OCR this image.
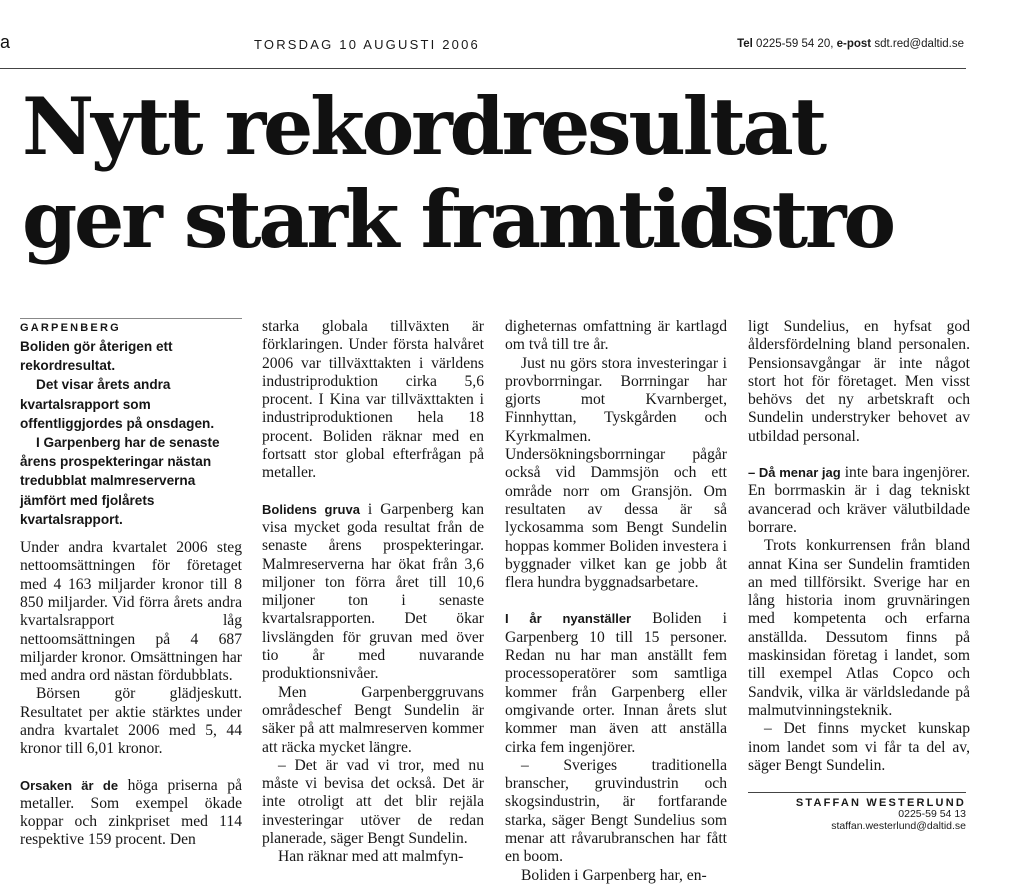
a	TORSDAG 10 AUGUSTI 2006	Tel 0225-59 54 20, e-post sdt.red@daltid.se
Nytt rekordresultat
ger stark framtidstro
GARPENBERG

Boliden gör återigen ett rekordresultat.

Det visar årets andra kvartalsrapport som offentliggjordes på onsdagen.

I Garpenberg har de senaste årens prospekteringar nästan tredubblat malmreserverna jämfört med fjolårets kvartalsrapport.

Under andra kvartalet 2006 steg nettoomsättningen för företaget med 4 163 miljarder kronor till 8 850 miljarder. Vid förra årets andra kvartalsrapport låg nettoomsättningen på 4 687 miljarder kronor. Omsättningen har med andra ord nästan fördubblats.

Börsen gör glädjeskutt. Resultatet per aktie stärktes under andra kvartalet 2006 med 5, 44 kronor till 6,01 kronor.

Orsaken är de höga priserna på metaller. Som exempel ökade koppar och zinkpriset med 114 respektive 159 procent. Den

starka globala tillväxten är förklaringen. Under första halvåret 2006 var tillväxttakten i världens industriproduktion cirka 5,6 procent. I Kina var tillväxttakten i industriproduktionen hela 18 procent. Boliden räknar med en fortsatt stor global efterfrågan på metaller.

Bolidens gruva i Garpenberg kan visa mycket goda resultat från de senaste årens prospekteringar. Malmreserverna har ökat från 3,6 miljoner ton förra året till 10,6 miljoner ton i senaste kvartalsrapporten. Det ökar livslängden för gruvan med över tio år med nuvarande produktionsnivåer.

Men Garpenberggruvans områdeschef Bengt Sundelin är säker på att malmreserven kommer att räcka mycket längre.

– Det är vad vi tror, med nu måste vi bevisa det också. Det är inte otroligt att det blir rejäla investeringar utöver de redan planerade, säger Bengt Sundelin.

Han räknar med att malmfyn-

digheternas omfattning är kartlagd om två till tre år.

Just nu görs stora investeringar i provborrningar. Borrningar har gjorts mot Kvarnberget, Finnhyttan, Tyskgården och Kyrkmalmen. Undersökningsborrningar pågår också vid Dammsjön och ett område norr om Gransjön. Om resultaten av dessa är så lyckosamma som Bengt Sundelin hoppas kommer Boliden investera i byggnader vilket kan ge jobb åt flera hundra byggnadsarbetare.

I år nyanställer Boliden i Garpenberg 10 till 15 personer. Redan nu har man anställt fem processoperatörer som samtliga kommer från Garpenberg eller omgivande orter. Innan årets slut kommer man även att anställa cirka fem ingenjörer.

– Sveriges traditionella branscher, gruvindustrin och skogsindustrin, är fortfarande starka, säger Bengt Sundelius som menar att råvarubranschen har fått en boom.

Boliden i Garpenberg har, en-

ligt Sundelius, en hyfsat god åldersfördelning bland personalen. Pensionsavgångar är inte något stort hot för företaget. Men visst behövs det ny arbetskraft och Sundelin understryker behovet av utbildad personal.

– Då menar jag inte bara ingenjörer. En borrmaskin är i dag tekniskt avancerad och kräver välutbildade borrare.

Trots konkurrensen från bland annat Kina ser Sundelin framtiden an med tillförsikt. Sverige har en lång historia inom gruvnäringen med kompetenta och erfarna anställda. Dessutom finns på maskinsidan företag i landet, som till exempel Atlas Copco och Sandvik, vilka är världsledande på malmutvinningsteknik.

– Det finns mycket kunskap inom landet som vi får ta del av, säger Bengt Sundelin.

STAFFAN WESTERLUND
0225-59 54 13
staffan.westerlund@daltid.se
